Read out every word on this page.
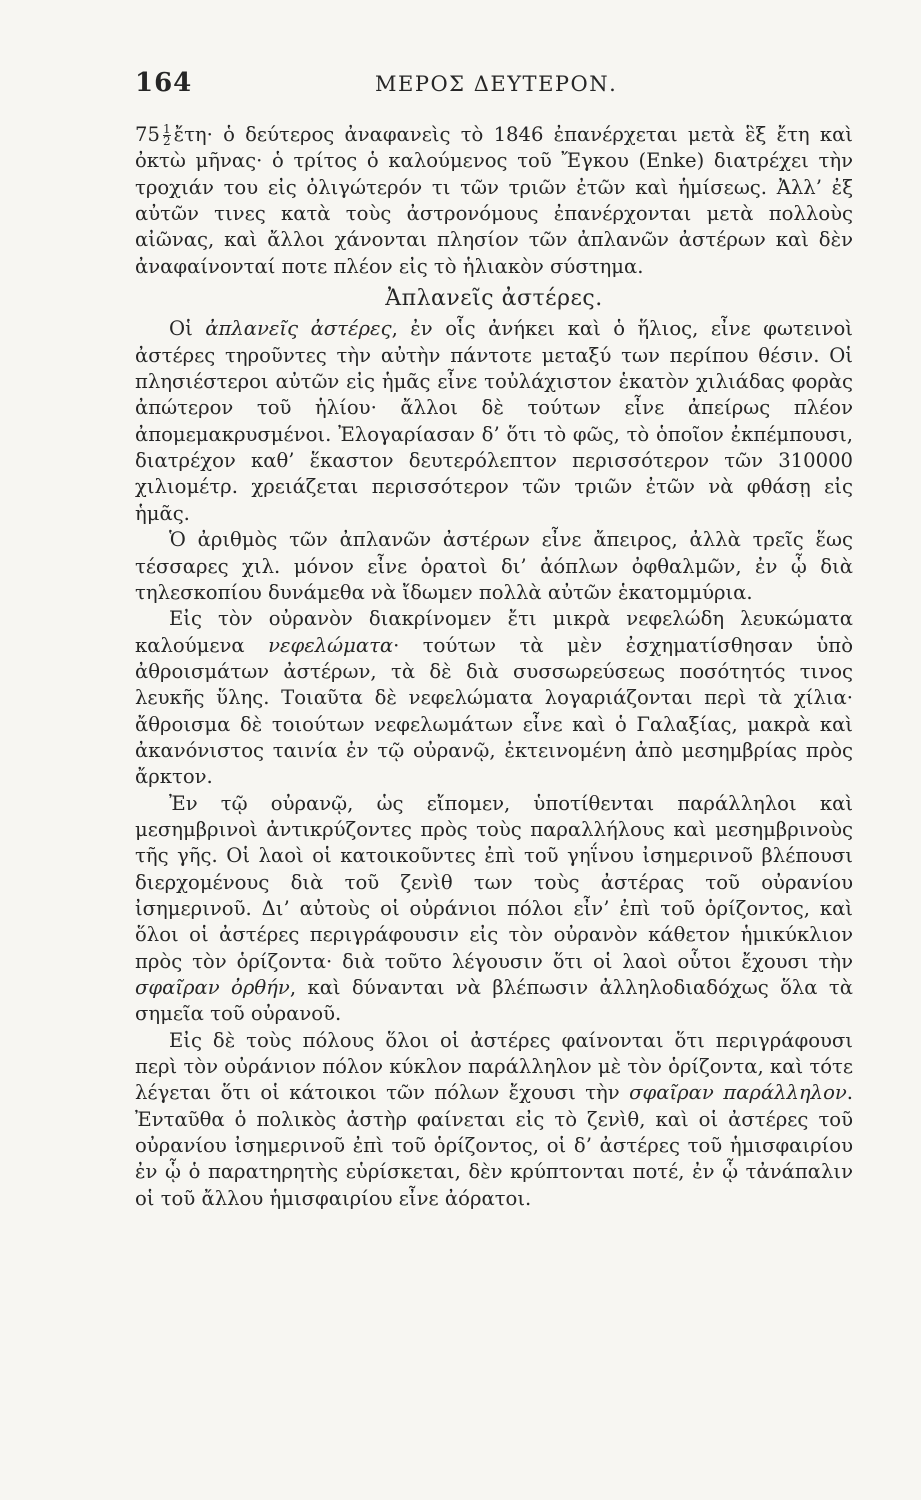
164	ΜΕΡΟΣ ΔΕΥΤΕΡΟΝ.

$75 \frac{1}{2}$ ἔτη· ὁ δεύτερος ἀναφανεὶς τὸ 1846 ἐπανέρχεται μετὰ ἓξ ἔτη καὶ ὀκτὼ μῆνας· ὁ τρίτος ὁ καλούμενος τοῦ Ἔγκου (Enke) διατρέχει τὴν τροχιάν του εἰς ὀλιγώτερόν τι τῶν τριῶν ἐτῶν καὶ ἡμίσεως. Ἀλλ’ ἐξ αὐτῶν τινες κατὰ τοὺς ἀστρονόμους ἐπανέρχονται μετὰ πολλοὺς αἰῶνας, καὶ ἄλλοι χάνονται πλησίον τῶν ἀπλανῶν ἀστέρων καὶ δὲν ἀναφαίνονταί ποτε πλέον εἰς τὸ ἡλιακὸν σύστημα.

Ἀπλανεῖς ἀστέρες.

Οἱ ἀπλανεῖς ἀστέρες, ἐν οἷς ἀνήκει καὶ ὁ ἥλιος, εἶνε φωτεινοὶ ἀστέρες τηροῦντες τὴν αὐτὴν πάντοτε μεταξύ των περίπου θέσιν. Οἱ πλησιέστεροι αὐτῶν εἰς ἡμᾶς εἶνε τοὐλάχιστον ἑκατὸν χιλιάδας φορὰς ἀπώτερον τοῦ ἡλίου· ἄλλοι δὲ τούτων εἶνε ἀπείρως πλέον ἀπομεμακρυσμένοι. Ἐλογαρίασαν δ’ ὅτι τὸ φῶς, τὸ ὁποῖον ἐκπέμπουσι, διατρέχον καθ’ ἕκαστον δευτερόλεπτον περισσότερον τῶν 310000 χιλιομέτρ. χρειάζεται περισσότερον τῶν τριῶν ἐτῶν νὰ φθάσῃ εἰς ἡμᾶς.

Ὁ ἀριθμὸς τῶν ἀπλανῶν ἀστέρων εἶνε ἄπειρος, ἀλλὰ τρεῖς ἕως τέσσαρες χιλ. μόνον εἶνε ὁρατοὶ δι’ ἀόπλων ὀφθαλμῶν, ἐν ᾧ διὰ τηλεσκοπίου δυνάμεθα νὰ ἴδωμεν πολλὰ αὐτῶν ἑκατομμύρια.

Εἰς τὸν οὐρανὸν διακρίνομεν ἔτι μικρὰ νεφελώδη λευκώματα καλούμενα νεφελώματα· τούτων τὰ μὲν ἐσχηματίσθησαν ὑπὸ ἀθροισμάτων ἀστέρων, τὰ δὲ διὰ συσσωρεύσεως ποσότητός τινος λευκῆς ὕλης. Τοιαῦτα δὲ νεφελώματα λογαριάζονται περὶ τὰ χίλια· ἄθροισμα δὲ τοιούτων νεφελωμάτων εἶνε καὶ ὁ Γαλαξίας, μακρὰ καὶ ἀκανόνιστος ταινία ἐν τῷ οὐρανῷ, ἐκτεινομένη ἀπὸ μεσημβρίας πρὸς ἄρκτον.

Ἐν τῷ οὐρανῷ, ὡς εἴπομεν, ὑποτίθενται παράλληλοι καὶ μεσημβρινοὶ ἀντικρύζοντες πρὸς τοὺς παραλλήλους καὶ μεσημβρινοὺς τῆς γῆς. Οἱ λαοὶ οἱ κατοικοῦντες ἐπὶ τοῦ γηΐνου ἰσημερινοῦ βλέπουσι διερχομένους διὰ τοῦ ζενὶθ των τοὺς ἀστέρας τοῦ οὐρανίου ἰσημερινοῦ. Δι’ αὐτοὺς οἱ οὐράνιοι πόλοι εἶν’ ἐπὶ τοῦ ὁρίζοντος, καὶ ὅλοι οἱ ἀστέρες περιγράφουσιν εἰς τὸν οὐρανὸν κάθετον ἡμικύκλιον πρὸς τὸν ὁρίζοντα· διὰ τοῦτο λέγουσιν ὅτι οἱ λαοὶ οὗτοι ἔχουσι τὴν σφαῖραν ὀρθήν, καὶ δύνανται νὰ βλέπωσιν ἀλληλοδιαδόχως ὅλα τὰ σημεῖα τοῦ οὐρανοῦ.

Εἰς δὲ τοὺς πόλους ὅλοι οἱ ἀστέρες φαίνονται ὅτι περιγράφουσι περὶ τὸν οὐράνιον πόλον κύκλον παράλληλον μὲ τὸν ὁρίζοντα, καὶ τότε λέγεται ὅτι οἱ κάτοικοι τῶν πόλων ἔχουσι τὴν σφαῖραν παράλληλον. Ἐνταῦθα ὁ πολικὸς ἀστὴρ φαίνεται εἰς τὸ ζενὶθ, καὶ οἱ ἀστέρες τοῦ οὐρανίου ἰσημερινοῦ ἐπὶ τοῦ ὁρίζοντος, οἱ δ’ ἀστέρες τοῦ ἡμισφαιρίου ἐν ᾧ ὁ παρατηρητὴς εὑρίσκεται, δὲν κρύπτονται ποτέ, ἐν ᾧ τἀνάπαλιν οἱ τοῦ ἄλλου ἡμισφαιρίου εἶνε ἀόρατοι.
